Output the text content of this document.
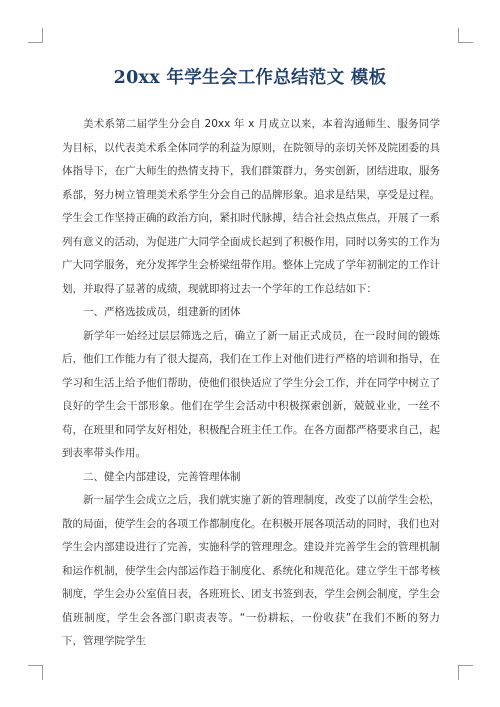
20xx 年学生会工作总结范文 模板

美术系第二届学生分会自 20xx 年 x 月成立以来，本着沟通师生、服务同学为目标，以代表美术系全体同学的利益为原则，在院领导的亲切关怀及院团委的具体指导下，在广大师生的热情支持下，我们群策群力，务实创新，团结进取，服务系部，努力树立管理美术系学生分会自己的品牌形象。追求是结果，享受是过程。学生会工作坚持正确的政治方向，紧扣时代脉搏，结合社会热点焦点，开展了一系列有意义的活动，为促进广大同学全面成长起到了积极作用，同时以务实的工作为广大同学服务，充分发挥学生会桥梁纽带作用。整体上完成了学年初制定的工作计划，并取得了显著的成绩，现就即将过去一个学年的工作总结如下：

一、严格选拔成员，组建新的团体

新学年一始经过层层筛选之后，确立了新一届正式成员，在一段时间的锻炼后，他们工作能力有了很大提高，我们在工作上对他们进行严格的培训和指导，在学习和生活上给予他们帮助，使他们很快适应了学生分会工作，并在同学中树立了良好的学生会干部形象。他们在学生会活动中积极探索创新，兢兢业业，一丝不苟，在班里和同学友好相处，积极配合班主任工作。在各方面都严格要求自己，起到表率带头作用。

二、健全内部建设，完善管理体制

新一届学生会成立之后，我们就实施了新的管理制度，改变了以前学生会松，散的局面，使学生会的各项工作都制度化。在积极开展各项活动的同时，我们也对学生会内部建设进行了完善，实施科学的管理理念。建设并完善学生会的管理机制和运作机制，使学生会内部运作趋于制度化、系统化和规范化。建立学生干部考核制度，学生会办公室值日表，各班班长、团支书签到表，学生会例会制度，学生会值班制度，学生会各部门职责表等。“一份耕耘，一份收获”在我们不断的努力下，管理学院学生
